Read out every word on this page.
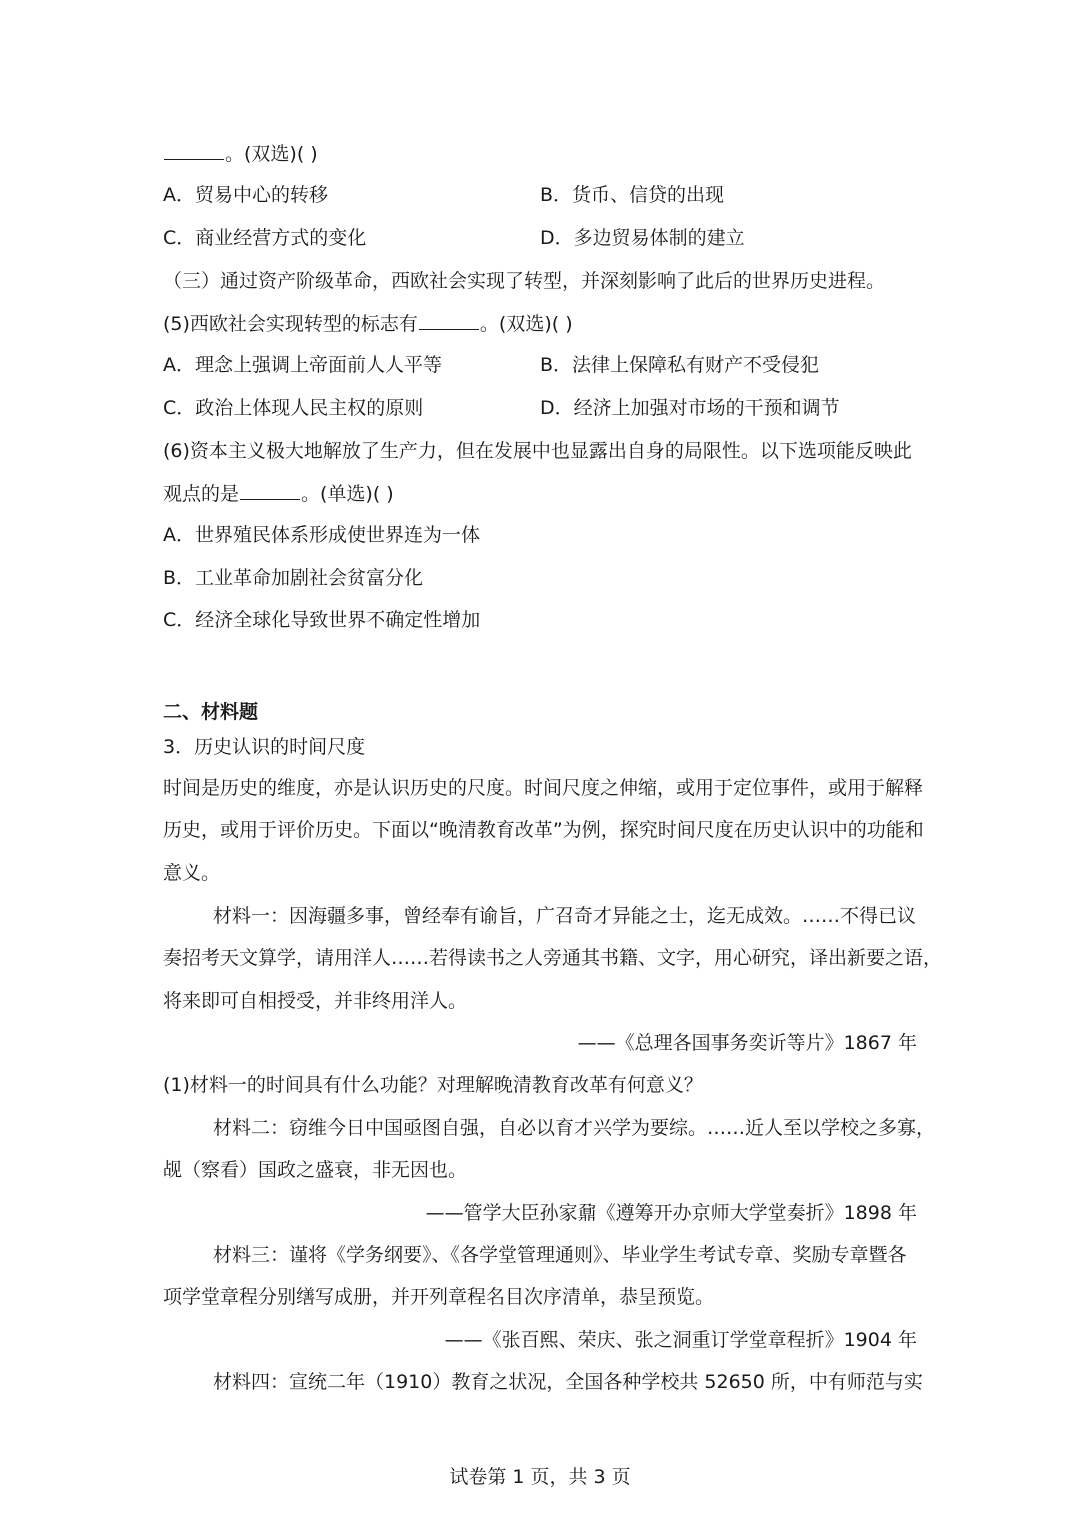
。(双选)( )
A．贸易中心的转移	B．货币、信贷的出现
C．商业经营方式的变化	D．多边贸易体制的建立
（三）通过资产阶级革命，西欧社会实现了转型，并深刻影响了此后的世界历史进程。
(5)西欧社会实现转型的标志有	。(双选)( )
A．理念上强调上帝面前人人平等	B．法律上保障私有财产不受侵犯
C．政治上体现人民主权的原则	D．经济上加强对市场的干预和调节
(6)资本主义极大地解放了生产力，但在发展中也显露出自身的局限性。以下选项能反映此
观点的是	。(单选)( )
A．世界殖民体系形成使世界连为一体
B．工业革命加剧社会贫富分化
C．经济全球化导致世界不确定性增加
二、材料题
3．历史认识的时间尺度
时间是历史的维度，亦是认识历史的尺度。时间尺度之伸缩，或用于定位事件，或用于解释
历史，或用于评价历史。下面以“晚清教育改革”为例，探究时间尺度在历史认识中的功能和
意义。
材料一：因海疆多事，曾经奉有谕旨，广召奇才异能之士，迄无成效。……不得已议
奏招考天文算学，请用洋人……若得读书之人旁通其书籍、文字，用心研究，译出新要之语，
将来即可自相授受，并非终用洋人。
——《总理各国事务奕䜣等片》1867 年
(1)材料一的时间具有什么功能？对理解晚清教育改革有何意义？
材料二：窃维今日中国亟图自强，自必以育才兴学为要综。……近人至以学校之多寡，
觇（察看）国政之盛衰，非无因也。
——管学大臣孙家鼐《遵筹开办京师大学堂奏折》1898 年
材料三：谨将《学务纲要》、《各学堂管理通则》、毕业学生考试专章、奖励专章暨各
项学堂章程分别缮写成册，并开列章程名目次序清单，恭呈预览。
——《张百熙、荣庆、张之洞重订学堂章程折》1904 年
材料四：宣统二年（1910）教育之状况，全国各种学校共 52650 所，中有师范与实
试卷第 1 页，共 3 页
